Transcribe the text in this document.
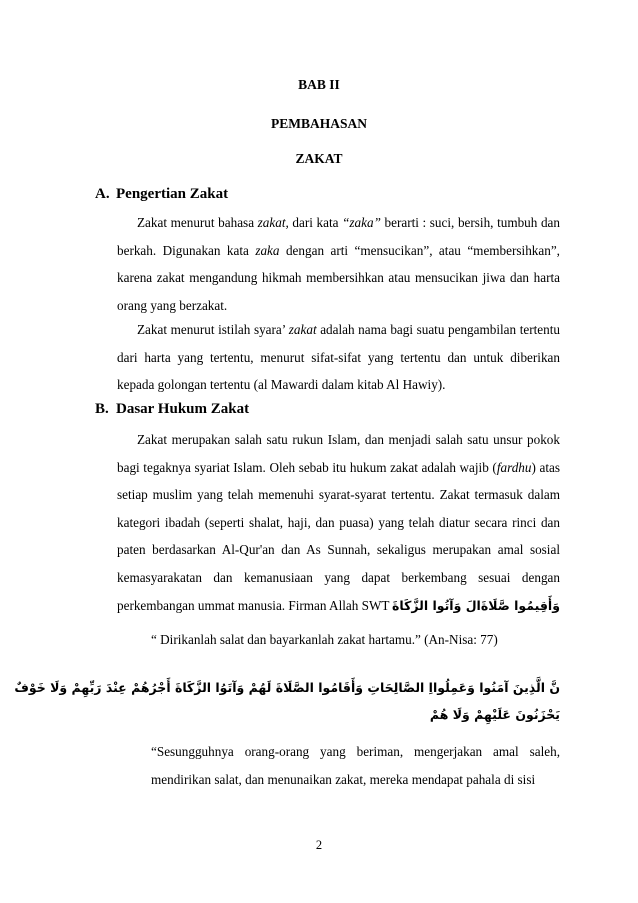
BAB II
PEMBAHASAN
ZAKAT
A. Pengertian Zakat
Zakat menurut bahasa zakat, dari kata “zaka” berarti : suci, bersih, tumbuh dan berkah. Digunakan kata zaka dengan arti “mensucikan”, atau “membersihkan”, karena zakat mengandung hikmah membersihkan atau mensucikan jiwa dan harta orang yang berzakat.
Zakat menurut istilah syara’ zakat adalah nama bagi suatu pengambilan tertentu dari harta yang tertentu, menurut sifat-sifat yang tertentu dan untuk diberikan kepada golongan tertentu (al Mawardi dalam kitab Al Hawiy).
B. Dasar Hukum Zakat
Zakat merupakan salah satu rukun Islam, dan menjadi salah satu unsur pokok bagi tegaknya syariat Islam. Oleh sebab itu hukum zakat adalah wajib (fardhu) atas setiap muslim yang telah memenuhi syarat-syarat tertentu. Zakat termasuk dalam kategori ibadah (seperti shalat, haji, dan puasa) yang telah diatur secara rinci dan paten berdasarkan Al-Qur'an dan As Sunnah, sekaligus merupakan amal sosial kemasyarakatan dan kemanusiaan yang dapat berkembang sesuai dengan perkembangan ummat manusia. Firman Allah SWT وَأَقِيمُوا صَّلَاةَالَ وَآتُوا الزَّكَاةَ
“ Dirikanlah salat dan bayarkanlah zakat hartamu.” (An-Nisa: 77)
نَّ الَّذِينَ آمَنُوا وَعَمِلُوااِ الصَّالِحَاتِ وَأَقَامُوا الصَّلَاةَ لَهُمْ وَآتَوُا الزَّكَاةَ أَجْرُهُمْ عِنْدَ رَبِّهِمْ وَلَا خَوْفٌ
يَحْزَنُونَ عَلَيْهِمْ وَلَا هُمْ
“Sesungguhnya orang-orang yang beriman, mengerjakan amal saleh, mendirikan salat, dan menunaikan zakat, mereka mendapat pahala di sisi
2
